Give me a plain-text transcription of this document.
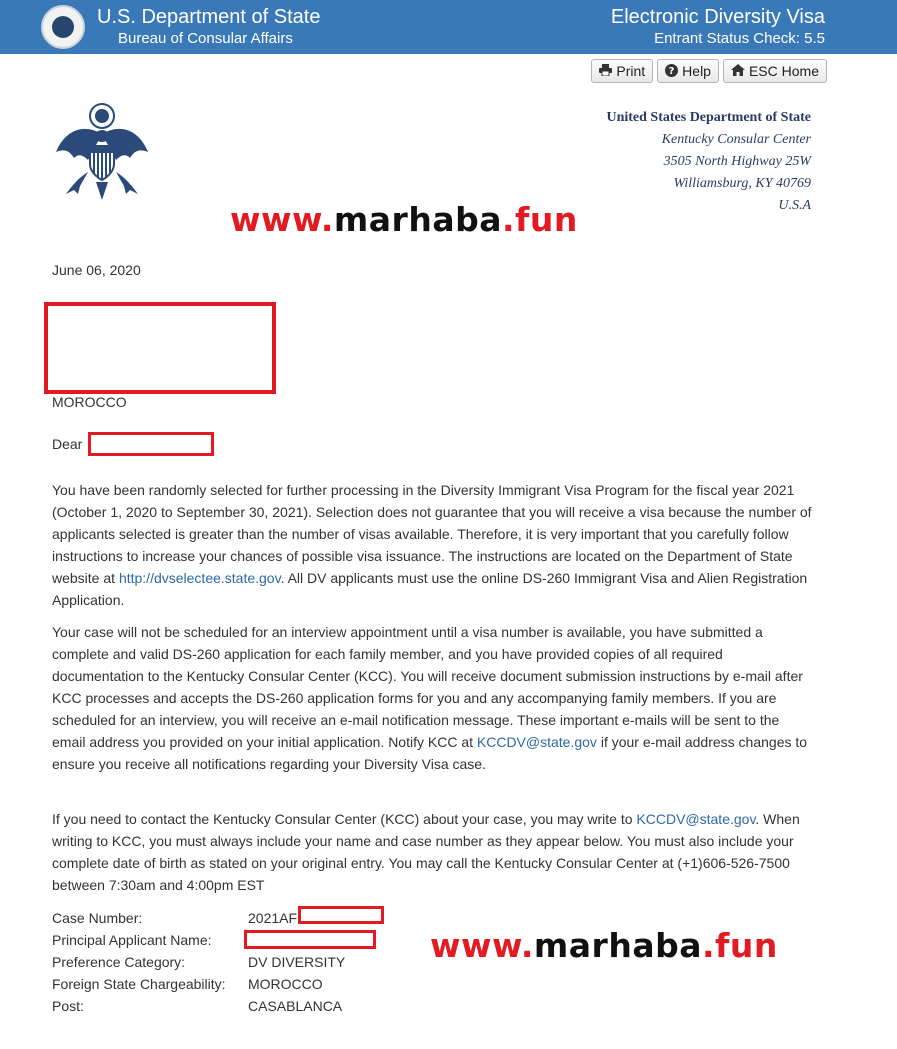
U.S. Department of State
Bureau of Consular Affairs
Electronic Diversity Visa
Entrant Status Check: 5.5
Print ? Help	ESC Home
United States Department of State
Kentucky Consular Center
3505 North Highway 25W
Williamsburg, KY 40769
U.S.A
www.marhaba.fun
June 06, 2020
MOROCCO
Dear
You have been randomly selected for further processing in the Diversity Immigrant Visa Program for the fiscal year 2021 (October 1, 2020 to September 30, 2021). Selection does not guarantee that you will receive a visa because the number of applicants selected is greater than the number of visas available. Therefore, it is very important that you carefully follow instructions to increase your chances of possible visa issuance. The instructions are located on the Department of State website at http://dvselectee.state.gov. All DV applicants must use the online DS-260 Immigrant Visa and Alien Registration Application.
Your case will not be scheduled for an interview appointment until a visa number is available, you have submitted a complete and valid DS-260 application for each family member, and you have provided copies of all required documentation to the Kentucky Consular Center (KCC). You will receive document submission instructions by e-mail after KCC processes and accepts the DS-260 application forms for you and any accompanying family members. If you are scheduled for an interview, you will receive an e-mail notification message. These important e-mails will be sent to the email address you provided on your initial application. Notify KCC at KCCDV@state.gov if your e-mail address changes to ensure you receive all notifications regarding your Diversity Visa case.
If you need to contact the Kentucky Consular Center (KCC) about your case, you may write to KCCDV@state.gov. When writing to KCC, you must always include your name and case number as they appear below. You must also include your complete date of birth as stated on your original entry. You may call the Kentucky Consular Center at (+1)606-526-7500 between 7:30am and 4:00pm EST
Case Number:	2021AF
Principal Applicant Name:
Preference Category:	DV DIVERSITY
Foreign State Chargeability:	MOROCCO
Post:	CASABLANCA
www.marhaba.fun
